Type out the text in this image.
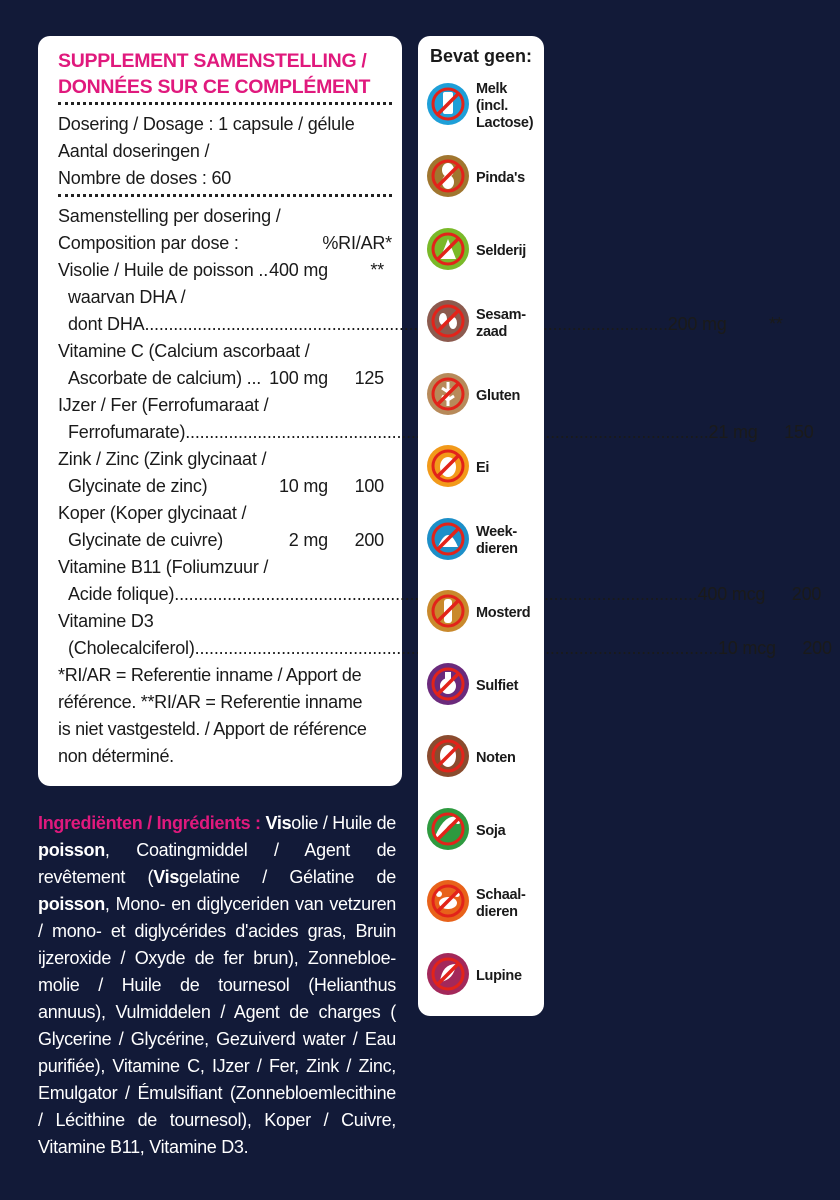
SUPPLEMENT SAMENSTELLING /
DONNÉES SUR CE COMPLÉMENT
Dosering / Dosage : 1 capsule / gélule
Aantal doseringen /
Nombre de doses : 60
Samenstelling per dosering /
Composition par dose :	%RI/AR*
Visolie / Huile de poisson .. 400 mg	**
waarvan DHA /
dont DHA .....	200 mg	**
Vitamine C (Calcium ascorbaat /
Ascorbate de calcium) ... 100 mg	125
IJzer / Fer (Ferrofumaraat /
Ferrofumarate) .....	21 mg	150
Zink / Zinc (Zink glycinaat /
Glycinate de zinc)	10 mg	100
Koper (Koper glycinaat /
Glycinate de cuivre)	2 mg	200
Vitamine B11 (Foliumzuur /
Acide folique) .....	400 mcg	200
Vitamine D3
(Cholecalciferol) .....	10 mcg	200
*RI/AR = Referentie inname / Apport de
référence. **RI/AR = Referentie inname
is niet vastgesteld. / Apport de référence
non déterminé.
Ingrediënten / Ingrédients : Visolie / Huile de poisson, Coatingmiddel / Agent de revêtement (Visgelatine / Gélatine de poisson, Mono- en diglyceriden van vetzuren / mono- et diglycérides d'acides gras, Bruin ijzeroxide / Oxyde de fer brun), Zonnebloe-molie / Huile de tournesol (Helianthus annuus), Vulmiddelen / Agent de charges ( Glycerine / Glycérine, Gezuiverd water / Eau purifiée), Vitamine C, IJzer / Fer, Zink / Zinc, Emulgator / Émulsifiant (Zonnebloemlecithine / Lécithine de tournesol), Koper / Cuivre, Vitamine B11, Vitamine D3.
Bevat geen:
Melk
(incl.
Lactose)
Pinda's
Selderij
Sesam-
zaad
Gluten
Ei
Week-
dieren
Mosterd
Sulfiet
Noten
Soja
Schaal-
dieren
Lupine
